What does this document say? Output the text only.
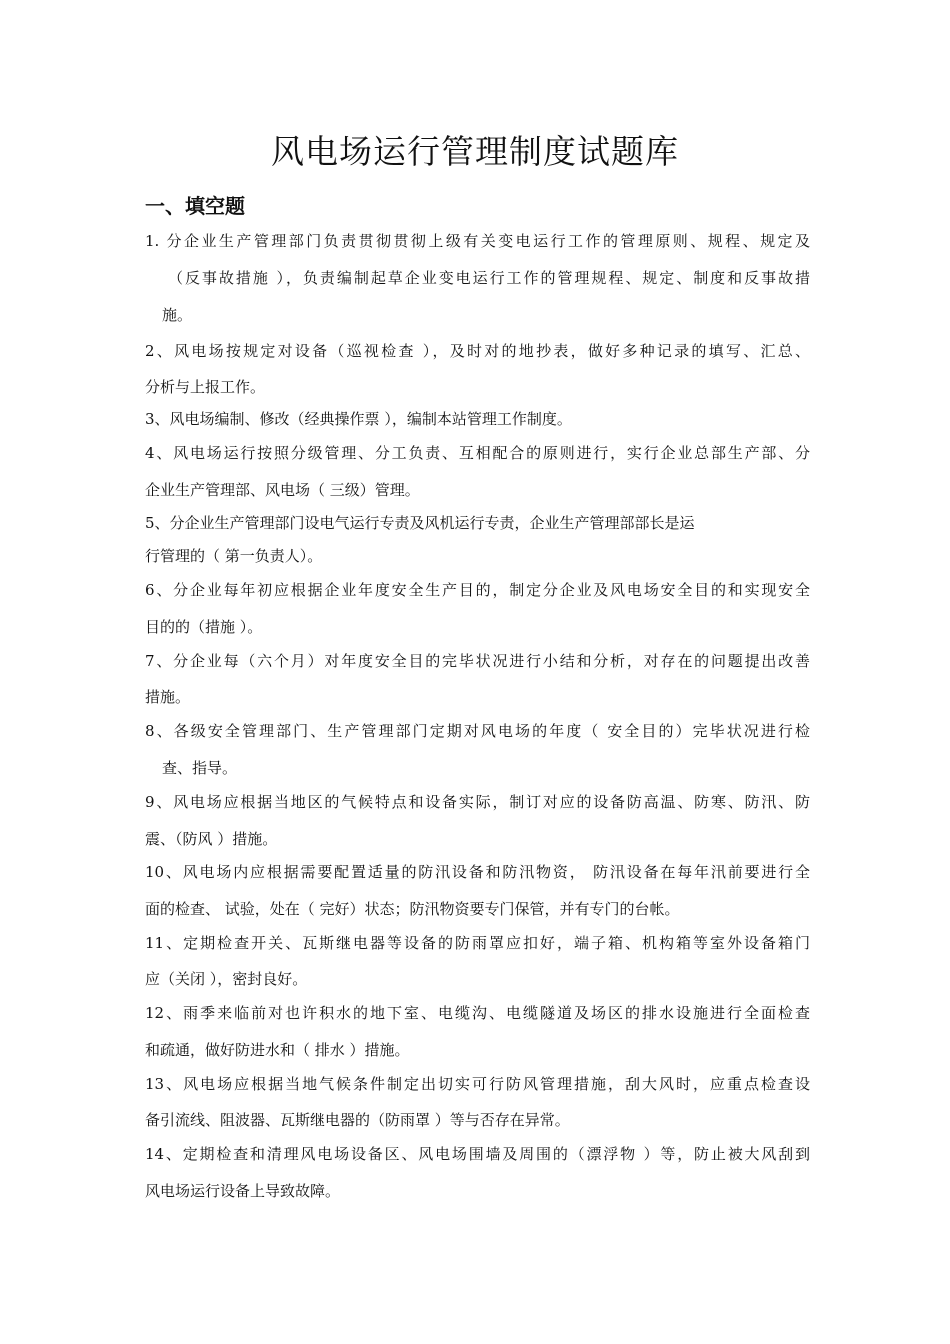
风电场运行管理制度试题库
一、填空题
1. 分企业生产管理部门负责贯彻贯彻上级有关变电运行工作的管理原则、规程、规定及
（反事故措施 ），负责编制起草企业变电运行工作的管理规程、规定、制度和反事故措
施。
2、风电场按规定对设备（巡视检查 ），及时对的地抄表，做好多种记录的填写、汇总、
分析与上报工作。
3、风电场编制、修改（经典操作票 ），编制本站管理工作制度。
4、风电场运行按照分级管理、分工负责、互相配合的原则进行，实行企业总部生产部、分
企业生产管理部、风电场（ 三级）管理。
5、分企业生产管理部门设电气运行专责及风机运行专责，企业生产管理部部长是运
行管理的（ 第一负责人）。
6、分企业每年初应根据企业年度安全生产目的，制定分企业及风电场安全目的和实现安全
目的的（措施 ）。
7、分企业每（六个月）对年度安全目的完毕状况进行小结和分析，对存在的问题提出改善
措施。
8、各级安全管理部门、生产管理部门定期对风电场的年度（ 安全目的）完毕状况进行检
查、指导。
9、风电场应根据当地区的气候特点和设备实际，制订对应的设备防高温、防寒、防汛、防
震、（防风 ）措施。
10、风电场内应根据需要配置适量的防汛设备和防汛物资， 防汛设备在每年汛前要进行全
面的检查、 试验，处在（ 完好）状态；防汛物资要专门保管，并有专门的台帐。
11、定期检查开关、瓦斯继电器等设备的防雨罩应扣好，端子箱、机构箱等室外设备箱门
应（关闭 ），密封良好。
12、雨季来临前对也许积水的地下室、电缆沟、电缆隧道及场区的排水设施进行全面检查
和疏通，做好防进水和（ 排水 ）措施。
13、风电场应根据当地气候条件制定出切实可行防风管理措施，刮大风时，应重点检查设
备引流线、阻波器、瓦斯继电器的（防雨罩 ）等与否存在异常。
14、定期检查和清理风电场设备区、风电场围墙及周围的（漂浮物 ）等，防止被大风刮到
风电场运行设备上导致故障。
